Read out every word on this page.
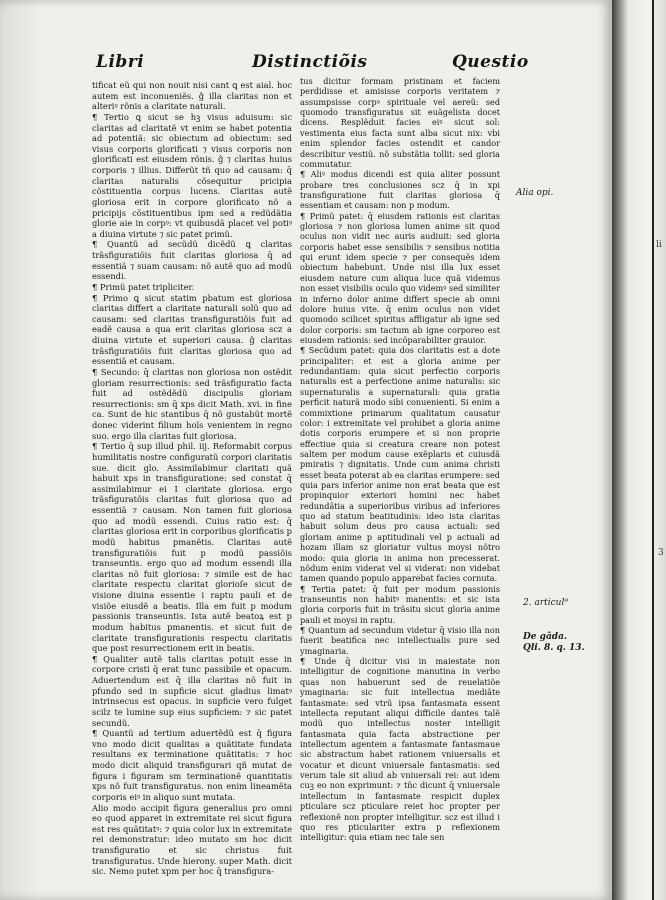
Libri	Distinctiõis	Questio

tificat eũ qui non nouit nisi cant ꝗ est aial. hoc autem est inconueniẽs. ĝ illa claritas non et alteriꝰ rõnis a claritate naturali.

¶ Tertio ꝗ sicut se hꝫ visus aduisum: sic claritas ad claritatẽ vt enim se habet potentia ad potentiã: sic obiectum ad obiectum: sed visus corporis glorificati ⁊ visus corporis non glorificati est eiusdem rõnis. ĝ ⁊ claritas huius corporis ⁊ illius. Differũt tñ quo ad causam: q̄ claritas naturalis cõsequitur pricipia cõstituentia corpus lucens. Claritas autẽ gloriosa erit in corpore glorificato nõ a pricipijs cõstituentibus ipm sed a redũdãtia glorie aie in corpꝰ: vt quibusdã placet vel potiꝰ a diuina virtute ⁊ sic patet primũ.

¶ Quantũ ad secũdũ dicẽdũ ꝗ claritas trãsfiguratiõis fuit claritas gloriosa q̄ ad essentiã ⁊ suam causam: nõ autẽ quo ad modũ essendi.

¶ Primũ patet tripliciter.

¶ Primo ꝗ sicut statim pbatum est gloriosa claritas differt a claritate naturali solũ quo ad causam: sed claritas transfiguratiõis fuit ad eadẽ causa a qua erit claritas gloriosa scz a diuina virtute et superiori causa. ĝ claritas trãsfiguratiõis fuit claritas gloriosa quo ad essentiã et causam.

¶ Secundo: q̄ claritas non gloriosa non ostẽdit gloriam resurrectionis: sed trãsfiguratio facta fuit ad ostẽdẽdũ discipulis gloriam resurrectionis: sm q̄ xps dicit Math. xvi. in fine ca. Sunt de hic stantibus q̄ nõ gustabũt mortẽ donec viderint filium hoĩs venientem in regno suo. ergo illa claritas fuit gloriosa.

¶ Tertio q̄ sup illud phil. iij. Reformabit corpus humilitatis nostre configuratũ corpori claritatis sue. dicit glo. Assimilabimur claritati quã habuit xps in transfiguratione: sed constat q̄ assimilabimur ei I claritate gloriosa. ergo trãsfiguratõis claritas fuit gloriosa quo ad essentiã ⁊ causam. Non tamen fuit gloriosa quo ad modũ essendi. Cuius ratio est: q̄ claritas gloriosa erit in corporibus glorificatis p modũ habitus pmanẽtis. Claritas autẽ transfiguratiõis fuit p modũ passiõis transeuntis. ergo quo ad modum essendi illa claritas nõ fuit gloriosa: ⁊ simile est de hac claritate respectu claritat glorioſe sicut de visione diuina essentie i raptu pauli et de visiõe eiusdẽ a beatis. Illa em fuit p modum passionis transeuntis. Ista autẽ beatoꝝ est p modum habitus pmanentis. et sicut fuit de claritate transfigurationis respectu claritatis que post resurrectionem erit in beatis.

¶ Qualiter autẽ talis claritas potuit esse in corpore cristi q̄ erat tunc passibile et opacum. Aduertendum est q̄ illa claritas nõ fuit in pfundo sed in supficie sicut gladius limatꝰ intrinsecus est opacus. in supficie vero fulget scilz te lumine sup eius supficiem: ⁊ sic patet secundũ.

¶ Quantũ ad tertium aduertẽdũ est q̄ figura vno modo dicit qualitas a quãtitate fundata resultans ex terminatione quãtitatis: ⁊ hoc modo dicit aliquid transfigurari qñ mutat de figura i figuram sm terminationẽ quantitatis xps nõ fuit transfiguratus. non enim lineamẽta corporis eiꝰ in aliquo sunt mutata.

Alio modo accipit figura generalius pro omni eo quod apparet in extremitate rei sicut figura est res quãtitatꝰ: ⁊ quia color lux in extremitate rei demonstratur: ideo mutato sm hoc dicit transfiguratio et sic christus fuit transfiguratus. Unde hierony. super Math. dicit sic. Nemo putet xpm per hoc q̄ transfigura-

tus dicitur formam pristinam et faciem perdidisse et amisisse corporis veritatem ⁊ assumpsisse corpꝰ spirituale vel aereũ: sed quomodo transfiguratus sit euãgelista docet dicens. Resplẽduit facies eiꝰ sicut sol: vestimenta eius facta sunt alba sicut nix: vbi enim splendor facies ostendit et candor describitur vestiũ. nõ substãtia tollit: sed gloria commutatur.

¶ Aliꝰ modus dicendi est quia aliter possunt probare tres conclusiones scz q̄ in xpi transfiguratione fuit claritas gloriosa q̄ essentiam et causam: non p modum.

¶ Primũ patet: q̄ eiusdem rationis est claritas gloriosa ⁊ non gloriosa lumen anime sit quod oculus non vidit nec auris audiuit: sed gloria corporis habet esse sensibilis ⁊ sensibus notitia qui erunt idem specie ⁊ per consequẽs idem obiectum habebunt. Unde nisi illa lux esset eiusdem nature cum aliqua luce quã videmus non esset visibilis oculo quo videmꝰ sed similiter in inferno dolor anime differt specie ab omni dolore huius vite. q̄ enim oculus non videt quomodo scilicet spiritus affligatur ab igne sed dolor corporis: sm tactum ab igne corporeo est eiusdem rationis: sed incõparabiliter grauior.

¶ Secũdum patet: quia dos claritatis est a dote principaliter: et est a gloria anime per redundantiam: quia sicut perfectio corporis naturalis est a perfectione anime naturalis: sic supernaturalis a supernaturali: quia gratia perficit naturã modo sibi conuenienti. Si enim a commixtione primarum qualitatum causatur color: i extremitate vel prohibet a gloria anime dotis corporis erumpere et si non proprie effectiue quia si creatura creare non potest saltem per modum cause exẽplaris et cuiusdã pmiratis ⁊ dignitatis. Unde cum anima christi esset beata poterat ab ea claritas erumpere: sed quia pars inferior anime non erat beata que est propinquior exteriori homini nec habet redundãtia a superioribus viribus ad inferiores quo ad statum beatitudinis: ideo ista claritas habuit solum deus pro causa actuali: sed gloriam anime p aptitudinali vel p actuali ad hozam illam sz gloriatur vultus moysi nõtro modo: quia gloria in anima non precesserat. nõdum enim viderat vel si viderat: non videbat tamen quando populo apparebat facies cornuta.

¶ Tertia patet: q̄ fuit per modum passionis transeuntis non habitꝰ manentis: et sic ista gloria corporis fuit in trãsitu sicut gloria anime pauli et moysi in raptu.

¶ Quantum ad secundum videtur q̄ visio illa non fuerit beatifica nec intellectualis pure sed ymaginaria.

¶ Unde q̄ dicitur visi in maiestate non intelligitur de cognitione manutina in verbo quas non habuerunt sed de reuelatiõe ymaginaria: sic fuit intellectua mediãte fantasmate: sed vtrũ ipsa fantasmata essent intellecta reputant aliqui difficile dantes talẽ modũ quo intellectus noster intelligit fantasmata quia facta abstractione per intellectum agentem a fantasmate fantasmaue sic abstractum habet rationem vniuersalis et vocatur et dicunt vniuersale fantasmatis: sed verum tale sit aliud ab vniuersali rei: aut idem cuꝫ eo non exprimunt: ⁊ tñc dicunt q̄ vniuersale intellectum in fantasmate respicit duplex pticulare scz pticulare reiet hoc propter per reflexionẽ non propter intelligitur. scz est illud i quo res pticulariter extra p reflexionem intelligitur: quia etiam nec tale sen

Alia opi.
2. articul⁹
De gãda.
Qli. 8. q. 13.
li
3
